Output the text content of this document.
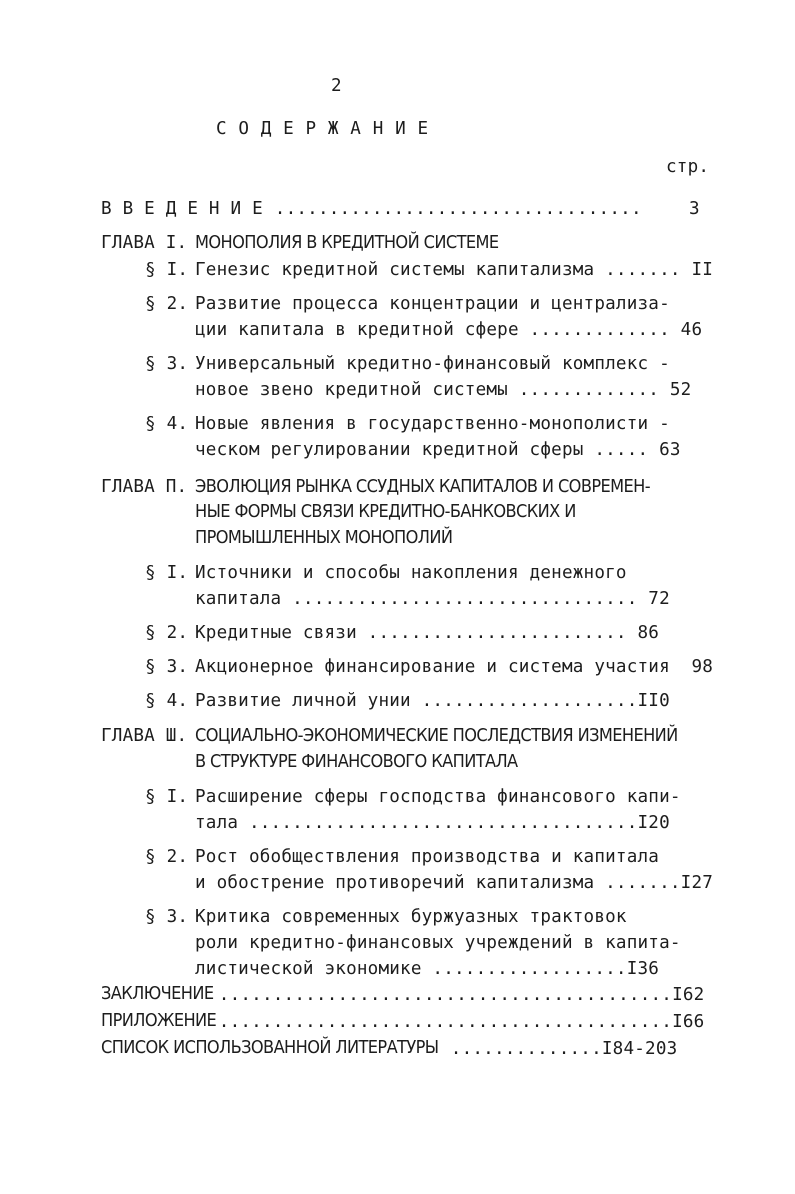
2
С О Д Е Р Ж А Н И Е
стр.
В В Е Д Е Н И Е ..................................	3
ГЛАВА I. МОНОПОЛИЯ В КРЕДИТНОЙ СИСТЕМЕ
§ I. Генезис кредитной системы капитализма ....... II
§ 2. Развитие процесса концентрации и централиза-
ции капитала в кредитной сфере ............. 46
§ 3. Универсальный кредитно-финансовый комплекс -
новое звено кредитной системы ............. 52
§ 4. Новые явления в государственно-монополисти -
ческом регулировании кредитной сферы ..... 63
ГЛАВА П. ЭВОЛЮЦИЯ РЫНКА ССУДНЫХ КАПИТАЛОВ И СОВРЕМЕН-
НЫЕ ФОРМЫ СВЯЗИ КРЕДИТНО-БАНКОВСКИХ И
ПРОМЫШЛЕННЫХ МОНОПОЛИЙ
§ I. Источники и способы накопления денежного
капитала ................................ 72
§ 2. Кредитные связи ........................ 86
§ 3. Акционерное финансирование и система участия  98
§ 4. Развитие личной унии ....................II0
ГЛАВА Ш. СОЦИАЛЬНО-ЭКОНОМИЧЕСКИЕ ПОСЛЕДСТВИЯ ИЗМЕНЕНИЙ
В СТРУКТУРЕ ФИНАНСОВОГО КАПИТАЛА
§ I. Расширение сферы господства финансового капи-
тала ....................................I20
§ 2. Рост обобществления производства и капитала
и обострение противоречий капитализма .......I27
§ 3. Критика современных буржуазных трактовок
роли кредитно-финансовых учреждений в капита-
листической экономике ..................I36
ЗАКЛЮЧЕНИЕ
..........................................I62
ПРИЛОЖЕНИЕ
..........................................I66
СПИСОК ИСПОЛЬЗОВАННОЙ ЛИТЕРАТУРЫ ..............I84-203
